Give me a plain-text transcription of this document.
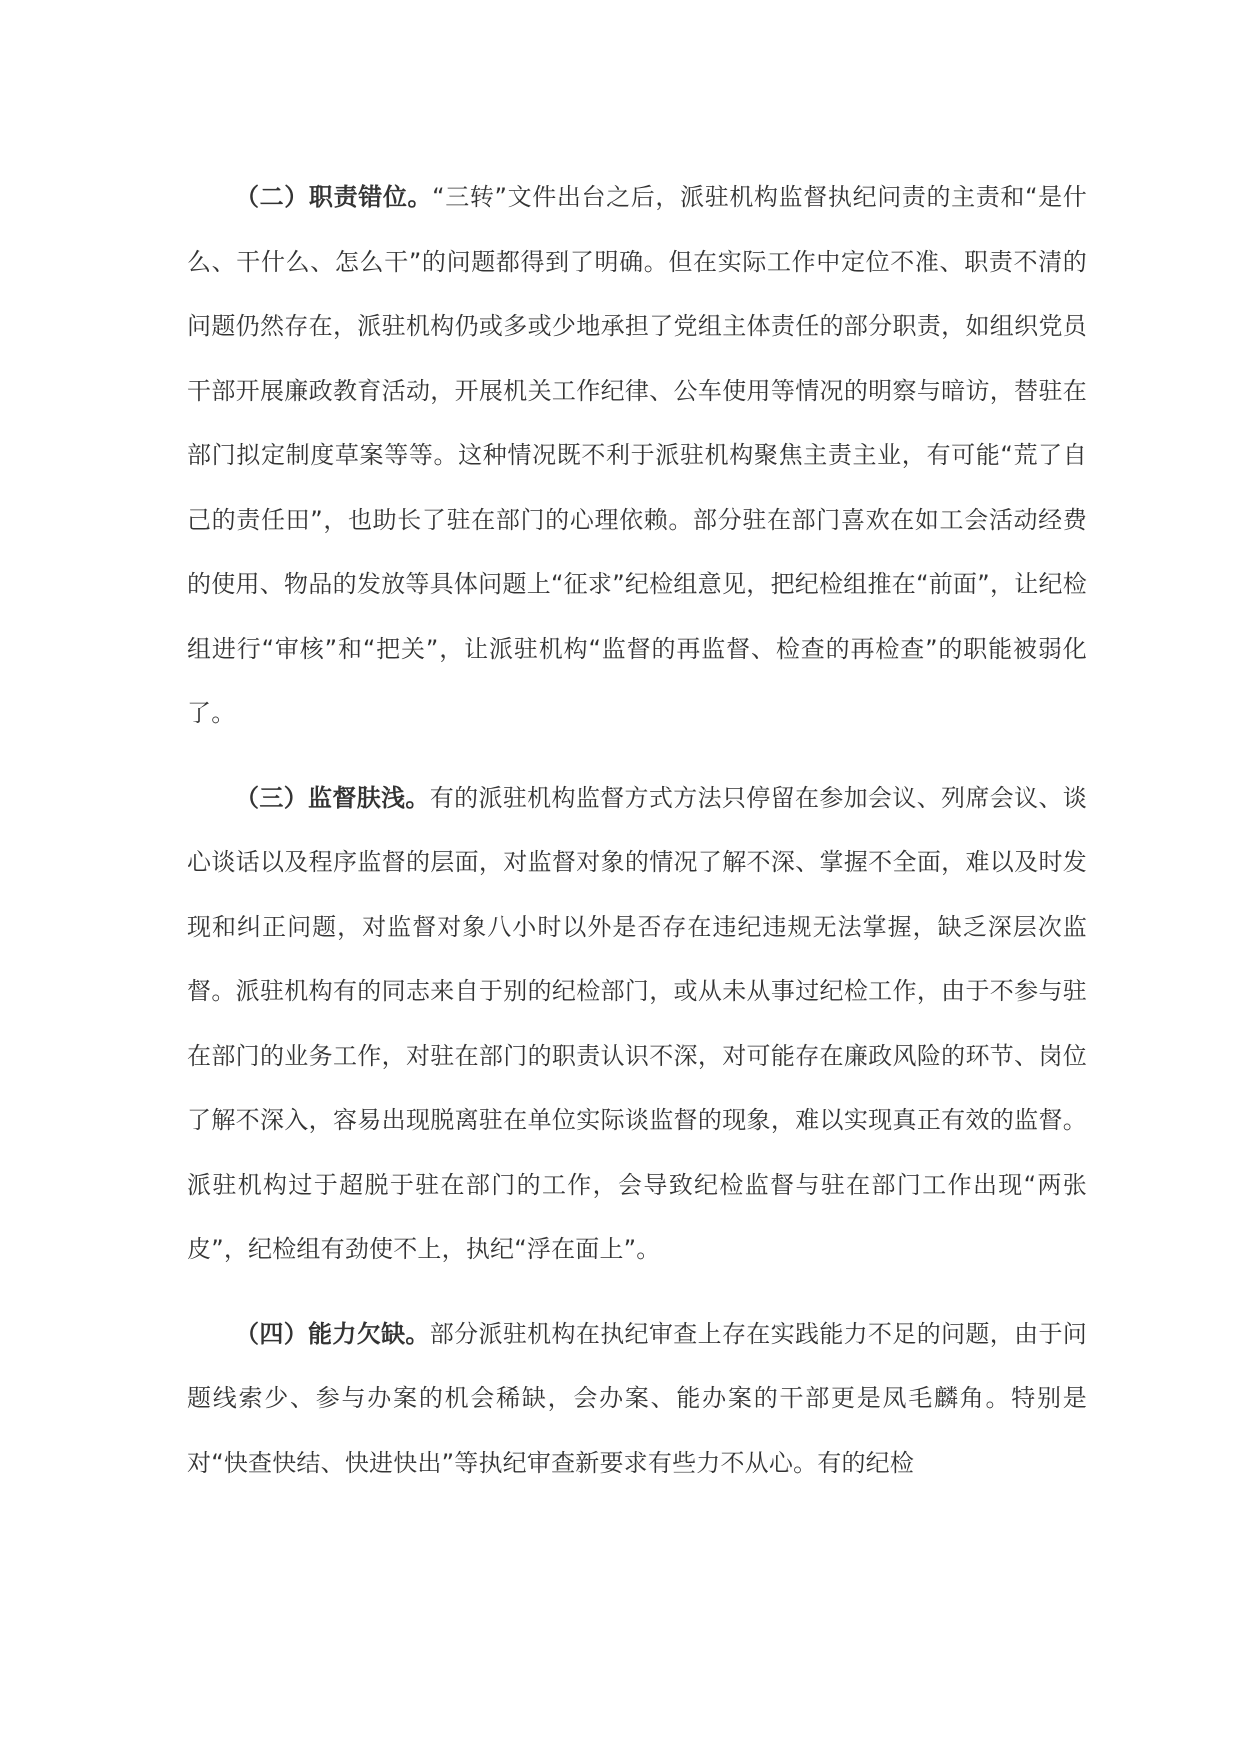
（二）职责错位。“三转”文件出台之后，派驻机构监督执纪问责的主责和“是什么、干什么、怎么干”的问题都得到了明确。但在实际工作中定位不准、职责不清的问题仍然存在，派驻机构仍或多或少地承担了党组主体责任的部分职责，如组织党员干部开展廉政教育活动，开展机关工作纪律、公车使用等情况的明察与暗访，替驻在部门拟定制度草案等等。这种情况既不利于派驻机构聚焦主责主业，有可能“荒了自己的责任田”，也助长了驻在部门的心理依赖。部分驻在部门喜欢在如工会活动经费的使用、物品的发放等具体问题上“征求”纪检组意见，把纪检组推在“前面”，让纪检组进行“审核”和“把关”，让派驻机构“监督的再监督、检查的再检查”的职能被弱化了。

（三）监督肤浅。有的派驻机构监督方式方法只停留在参加会议、列席会议、谈心谈话以及程序监督的层面，对监督对象的情况了解不深、掌握不全面，难以及时发现和纠正问题，对监督对象八小时以外是否存在违纪违规无法掌握，缺乏深层次监督。派驻机构有的同志来自于别的纪检部门，或从未从事过纪检工作，由于不参与驻在部门的业务工作，对驻在部门的职责认识不深，对可能存在廉政风险的环节、岗位了解不深入，容易出现脱离驻在单位实际谈监督的现象，难以实现真正有效的监督。派驻机构过于超脱于驻在部门的工作，会导致纪检监督与驻在部门工作出现“两张皮”，纪检组有劲使不上，执纪“浮在面上”。

（四）能力欠缺。部分派驻机构在执纪审查上存在实践能力不足的问题，由于问题线索少、参与办案的机会稀缺，会办案、能办案的干部更是凤毛麟角。特别是对“快查快结、快进快出”等执纪审查新要求有些力不从心。有的纪检
